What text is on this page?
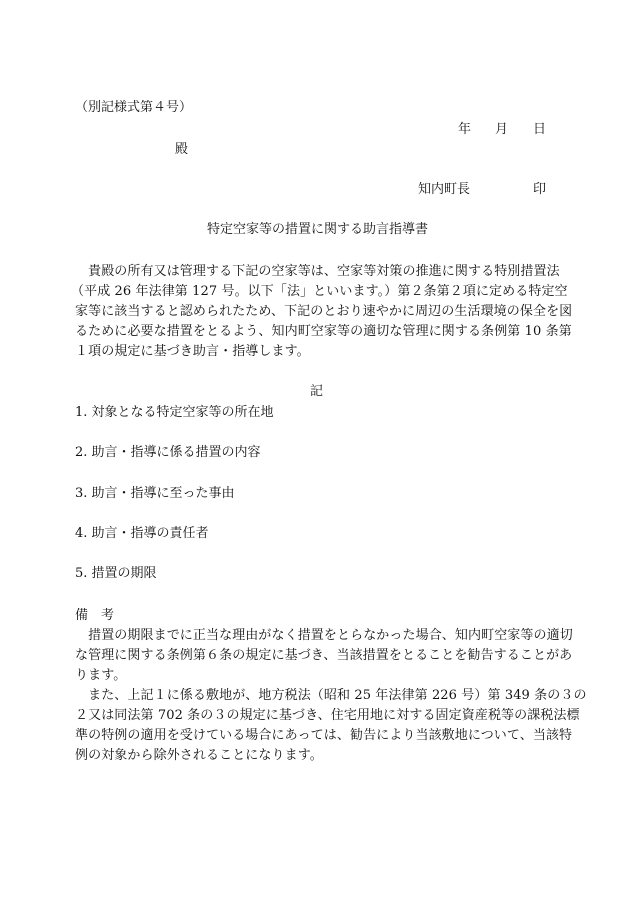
（別記様式第４号）
年 月 日
殿
知内町長	印
特定空家等の措置に関する助言指導書
　貴殿の所有又は管理する下記の空家等は、空家等対策の推進に関する特別措置法
（平成 26 年法律第 127 号。以下「法」といいます。）第２条第２項に定める特定空
家等に該当すると認められたため、下記のとおり速やかに周辺の生活環境の保全を図
るために必要な措置をとるよう、知内町空家等の適切な管理に関する条例第 10 条第
１項の規定に基づき助言・指導します。
記
1. 対象となる特定空家等の所在地
2. 助言・指導に係る措置の内容
3. 助言・指導に至った事由
4. 助言・指導の責任者
5. 措置の期限
備　考
　措置の期限までに正当な理由がなく措置をとらなかった場合、知内町空家等の適切
な管理に関する条例第６条の規定に基づき、当該措置をとることを勧告することがあ
ります。
　また、上記１に係る敷地が、地方税法（昭和 25 年法律第 226 号）第 349 条の３の
２又は同法第 702 条の３の規定に基づき、住宅用地に対する固定資産税等の課税法標
準の特例の適用を受けている場合にあっては、勧告により当該敷地について、当該特
例の対象から除外されることになります。
